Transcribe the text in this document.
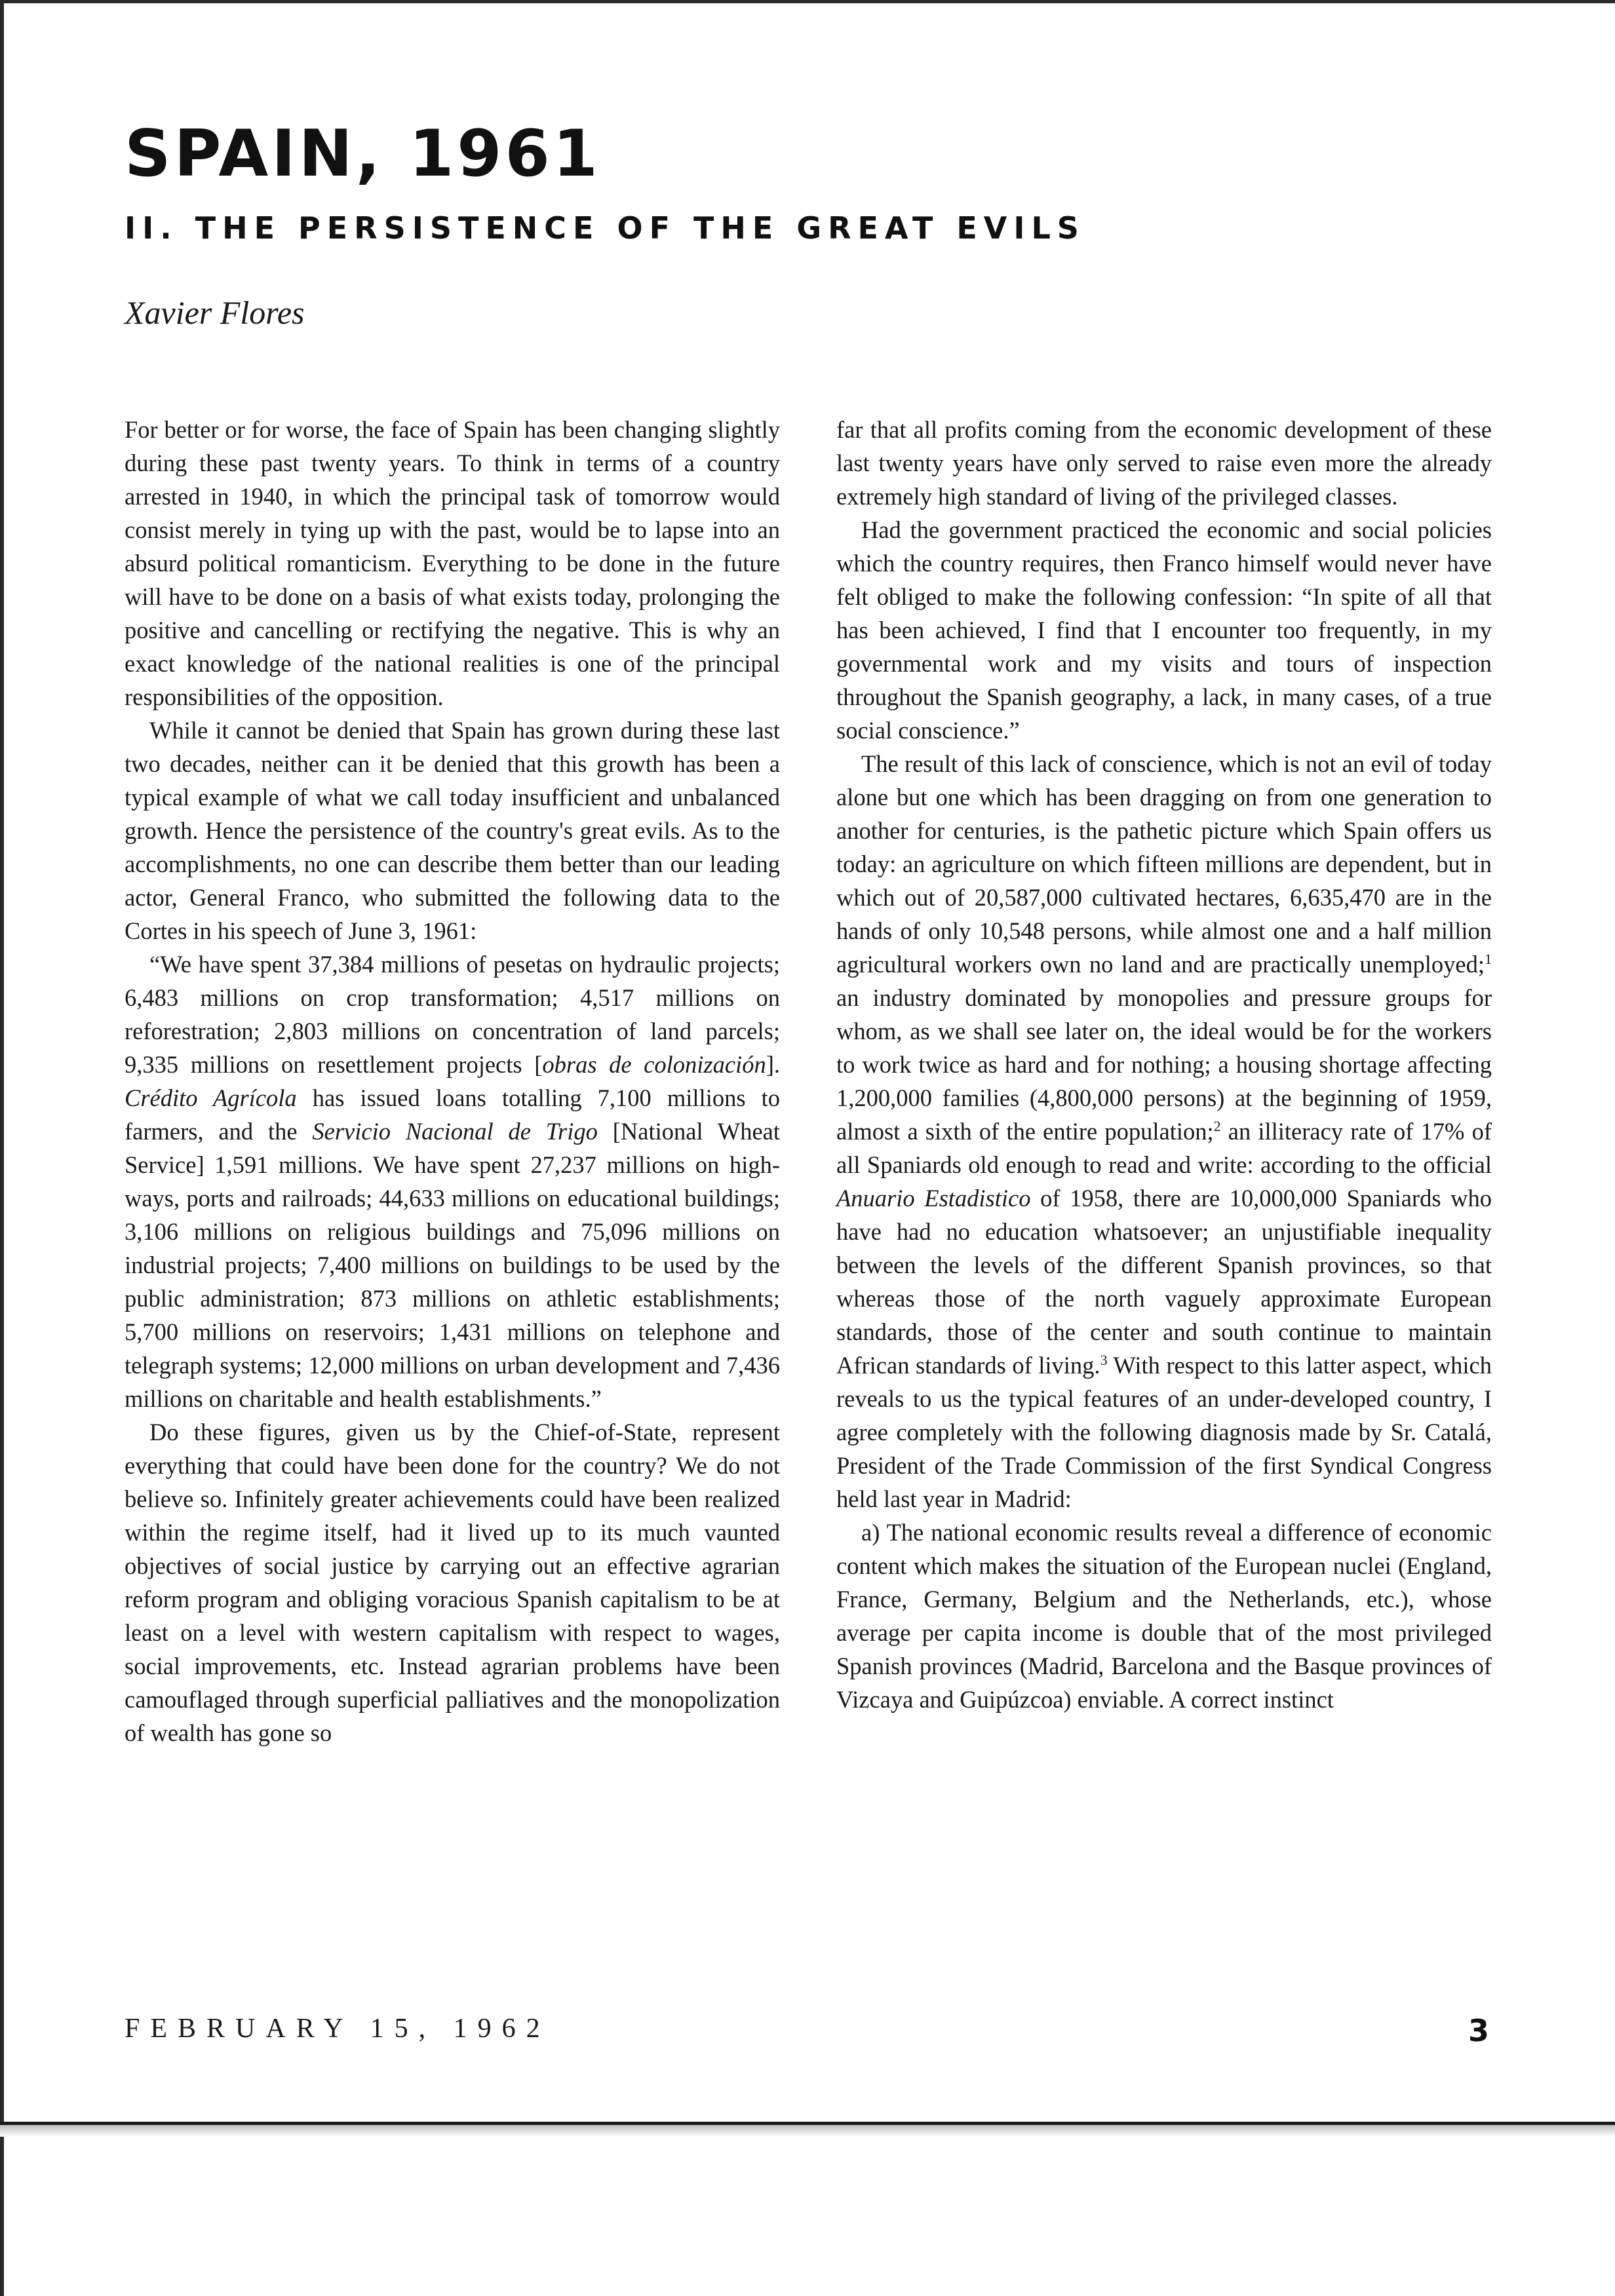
SPAIN, 1961
II. THE PERSISTENCE OF THE GREAT EVILS

Xavier Flores

For better or for worse, the face of Spain has been changing slightly during these past twenty years. To think in terms of a country arrested in 1940, in which the principal task of tomorrow would consist merely in tying up with the past, would be to lapse into an absurd political romanticism. Everything to be done in the future will have to be done on a basis of what exists today, prolonging the positive and cancelling or rectifying the negative. This is why an exact knowledge of the national realities is one of the principal responsibilities of the opposition.

While it cannot be denied that Spain has grown during these last two decades, neither can it be denied that this growth has been a typical example of what we call today insufficient and unbalanced growth. Hence the persistence of the country's great evils. As to the accomplishments, no one can describe them better than our leading actor, General Franco, who submitted the following data to the Cortes in his speech of June 3, 1961:

“We have spent 37,384 millions of pesetas on hydraulic projects; 6,483 millions on crop transformation; 4,517 millions on reforestration; 2,803 millions on concentration of land parcels; 9,335 millions on resettlement projects [obras de colonización]. Crédito Agrícola has issued loans totalling 7,100 millions to farmers, and the Servicio Nacional de Trigo [National Wheat Service] 1,591 millions. We have spent 27,237 millions on highways, ports and railroads; 44,633 millions on educational buildings; 3,106 millions on religious buildings and 75,096 millions on industrial projects; 7,400 millions on buildings to be used by the public administration; 873 millions on athletic establishments; 5,700 millions on reservoirs; 1,431 millions on telephone and telegraph systems; 12,000 millions on urban development and 7,436 millions on charitable and health establishments.”

Do these figures, given us by the Chief-of-State, represent everything that could have been done for the country? We do not believe so. Infinitely greater achievements could have been realized within the regime itself, had it lived up to its much vaunted objectives of social justice by carrying out an effective agrarian reform program and obliging voracious Spanish capitalism to be at least on a level with western capitalism with respect to wages, social improvements, etc. Instead agrarian problems have been camouflaged through superficial palliatives and the monopolization of wealth has gone so

far that all profits coming from the economic development of these last twenty years have only served to raise even more the already extremely high standard of living of the privileged classes.

Had the government practiced the economic and social policies which the country requires, then Franco himself would never have felt obliged to make the following confession: “In spite of all that has been achieved, I find that I encounter too frequently, in my governmental work and my visits and tours of inspection throughout the Spanish geography, a lack, in many cases, of a true social conscience.”

The result of this lack of conscience, which is not an evil of today alone but one which has been dragging on from one generation to another for centuries, is the pathetic picture which Spain offers us today: an agriculture on which fifteen millions are dependent, but in which out of 20,587,000 cultivated hectares, 6,635,470 are in the hands of only 10,548 persons, while almost one and a half million agricultural workers own no land and are practically unemployed;$^1$ an industry dominated by monopolies and pressure groups for whom, as we shall see later on, the ideal would be for the workers to work twice as hard and for nothing; a housing shortage affecting 1,200,000 families (4,800,000 persons) at the beginning of 1959, almost a sixth of the entire population;$^2$ an illiteracy rate of 17% of all Spaniards old enough to read and write: according to the official Anuario Estadistico of 1958, there are 10,000,000 Spaniards who have had no education whatsoever; an unjustifiable inequality between the levels of the different Spanish provinces, so that whereas those of the north vaguely approximate European standards, those of the center and south continue to maintain African standards of living.$^3$ With respect to this latter aspect, which reveals to us the typical features of an under-developed country, I agree completely with the following diagnosis made by Sr. Catalá, President of the Trade Commission of the first Syndical Congress held last year in Madrid:

a) The national economic results reveal a difference of economic content which makes the situation of the European nuclei (England, France, Germany, Belgium and the Netherlands, etc.), whose average per capita income is double that of the most privileged Spanish provinces (Madrid, Barcelona and the Basque provinces of Vizcaya and Guipúzcoa) enviable. A correct instinct

FEBRUARY 15, 1962	3
